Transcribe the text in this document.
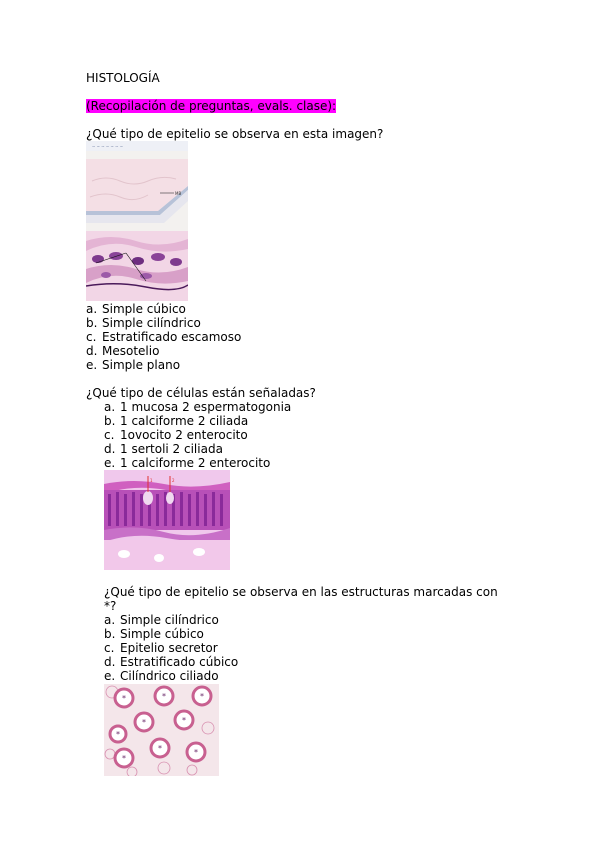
HISTOLOGÍA
(Recopilación de preguntas, evals. clase):
¿Qué tipo de epitelio se observa en esta imagen?
~ ~ ~ ~ ~ ~ ~
MB
a. Simple cúbico
b. Simple cilíndrico
c. Estratificado escamoso
d. Mesotelio
e. Simple plano
¿Qué tipo de células están señaladas?
a. 1 mucosa 2 espermatogonia
b. 1 calciforme 2 ciliada
c. 1ovocito 2 enterocito
d. 1 sertoli 2 ciliada
e. 1 calciforme 2 enterocito
1	2
¿Qué tipo de epitelio se observa en las estructuras marcadas con
*?
a. Simple cilíndrico
b. Simple cúbico
c. Epitelio secretor
d. Estratificado cúbico
e. Cilíndrico ciliado
*	*	*
*	*
*
*
*	*
